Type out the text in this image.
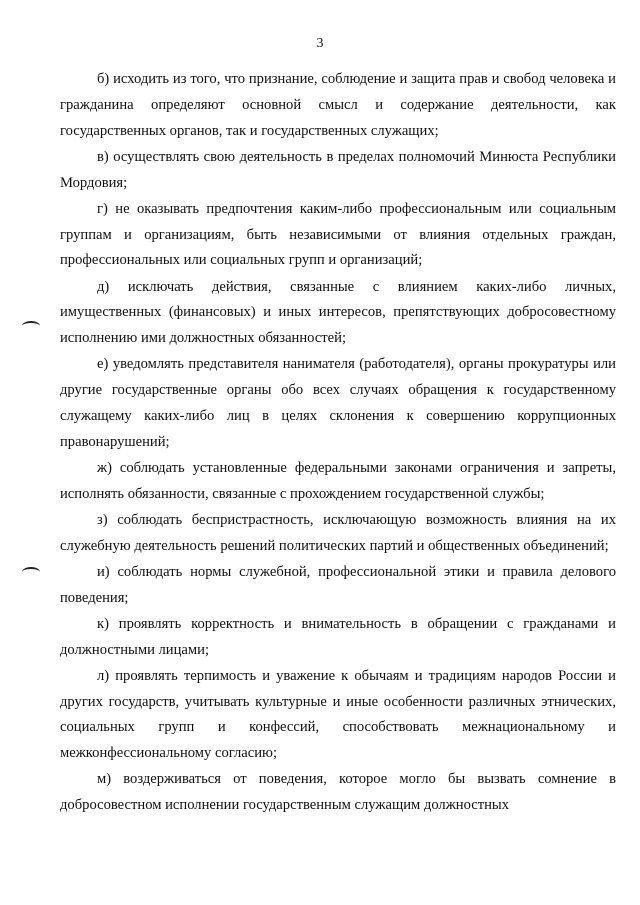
3

б) исходить из того, что признание, соблюдение и защита прав и свобод человека и гражданина определяют основной смысл и содержание деятельности, как государственных органов, так и государственных служащих;

в) осуществлять свою деятельность в пределах полномочий Минюста Республики Мордовия;

г) не оказывать предпочтения каким-либо профессиональным или социальным группам и организациям, быть независимыми от влияния отдельных граждан, профессиональных или социальных групп и организаций;

д) исключать действия, связанные с влиянием каких-либо личных, имущественных (финансовых) и иных интересов, препятствующих добросовестному исполнению ими должностных обязанностей;

е) уведомлять представителя нанимателя (работодателя), органы прокуратуры или другие государственные органы обо всех случаях обращения к государственному служащему каких-либо лиц в целях склонения к совершению коррупционных правонарушений;

ж) соблюдать установленные федеральными законами ограничения и запреты, исполнять обязанности, связанные с прохождением государственной службы;

з) соблюдать беспристрастность, исключающую возможность влияния на их служебную деятельность решений политических партий и общественных объединений;

и) соблюдать нормы служебной, профессиональной этики и правила делового поведения;

к) проявлять корректность и внимательность в обращении с гражданами и должностными лицами;

л) проявлять терпимость и уважение к обычаям и традициям народов России и других государств, учитывать культурные и иные особенности различных этнических, социальных групп и конфессий, способствовать межнациональному и межконфессиональному согласию;

м) воздерживаться от поведения, которое могло бы вызвать сомнение в добросовестном исполнении государственным служащим должностных
